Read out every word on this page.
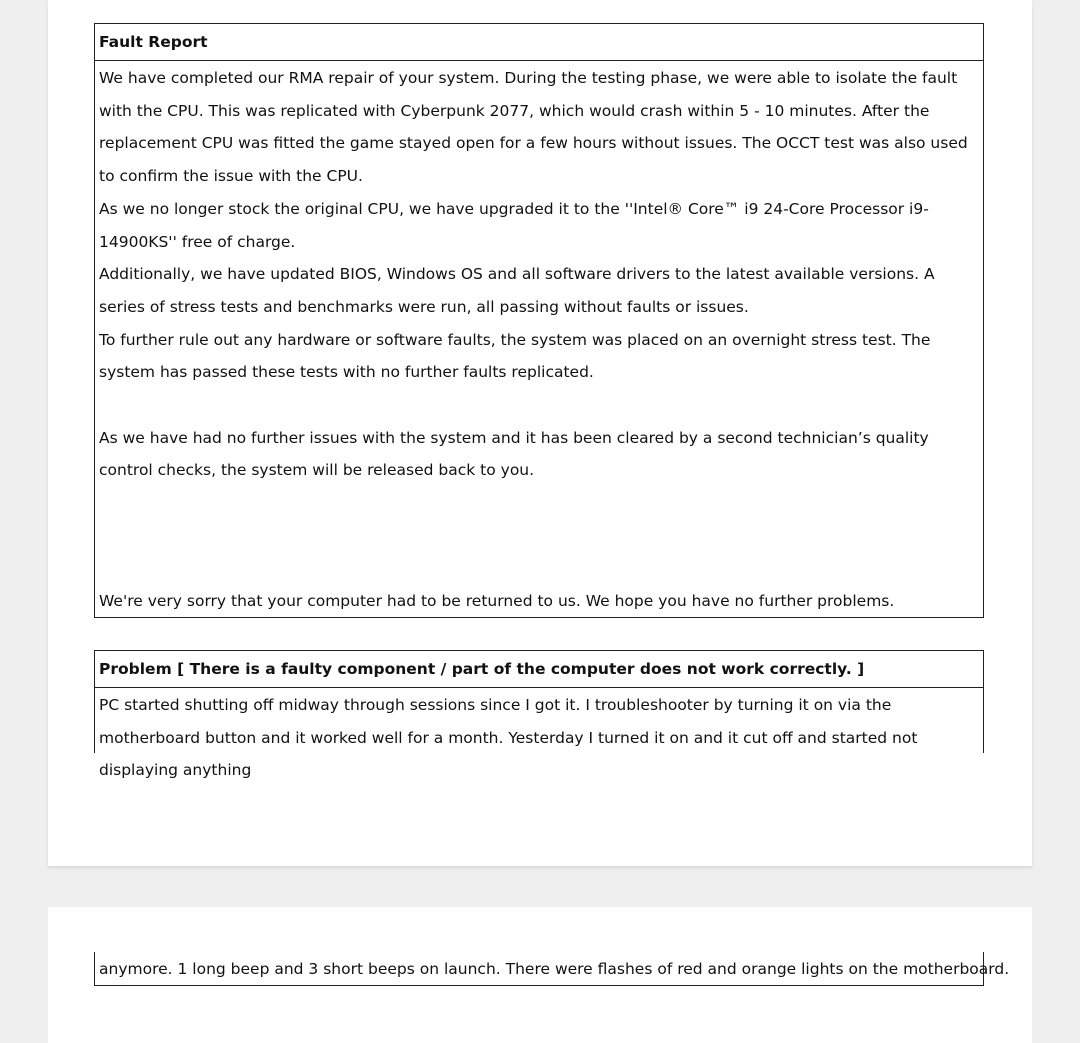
Fault Report

We have completed our RMA repair of your system. During the testing phase, we were able to isolate the fault with the CPU. This was replicated with Cyberpunk 2077, which would crash within 5 - 10 minutes. After the replacement CPU was fitted the game stayed open for a few hours without issues. The OCCT test was also used to confirm the issue with the CPU.

As we no longer stock the original CPU, we have upgraded it to the ''Intel® Core™ i9 24-Core Processor i9-14900KS'' free of charge.

Additionally, we have updated BIOS, Windows OS and all software drivers to the latest available versions. A series of stress tests and benchmarks were run, all passing without faults or issues.

To further rule out any hardware or software faults, the system was placed on an overnight stress test. The system has passed these tests with no further faults replicated.

As we have had no further issues with the system and it has been cleared by a second technician’s quality control checks, the system will be released back to you.

We're very sorry that your computer had to be returned to us. We hope you have no further problems.

Problem [ There is a faulty component / part of the computer does not work correctly. ]

PC started shutting off midway through sessions since I got it. I troubleshooter by turning it on via the motherboard button and it worked well for a month. Yesterday I turned it on and it cut off and started not displaying anything

anymore. 1 long beep and 3 short beeps on launch. There were flashes of red and orange lights on the motherboard.
